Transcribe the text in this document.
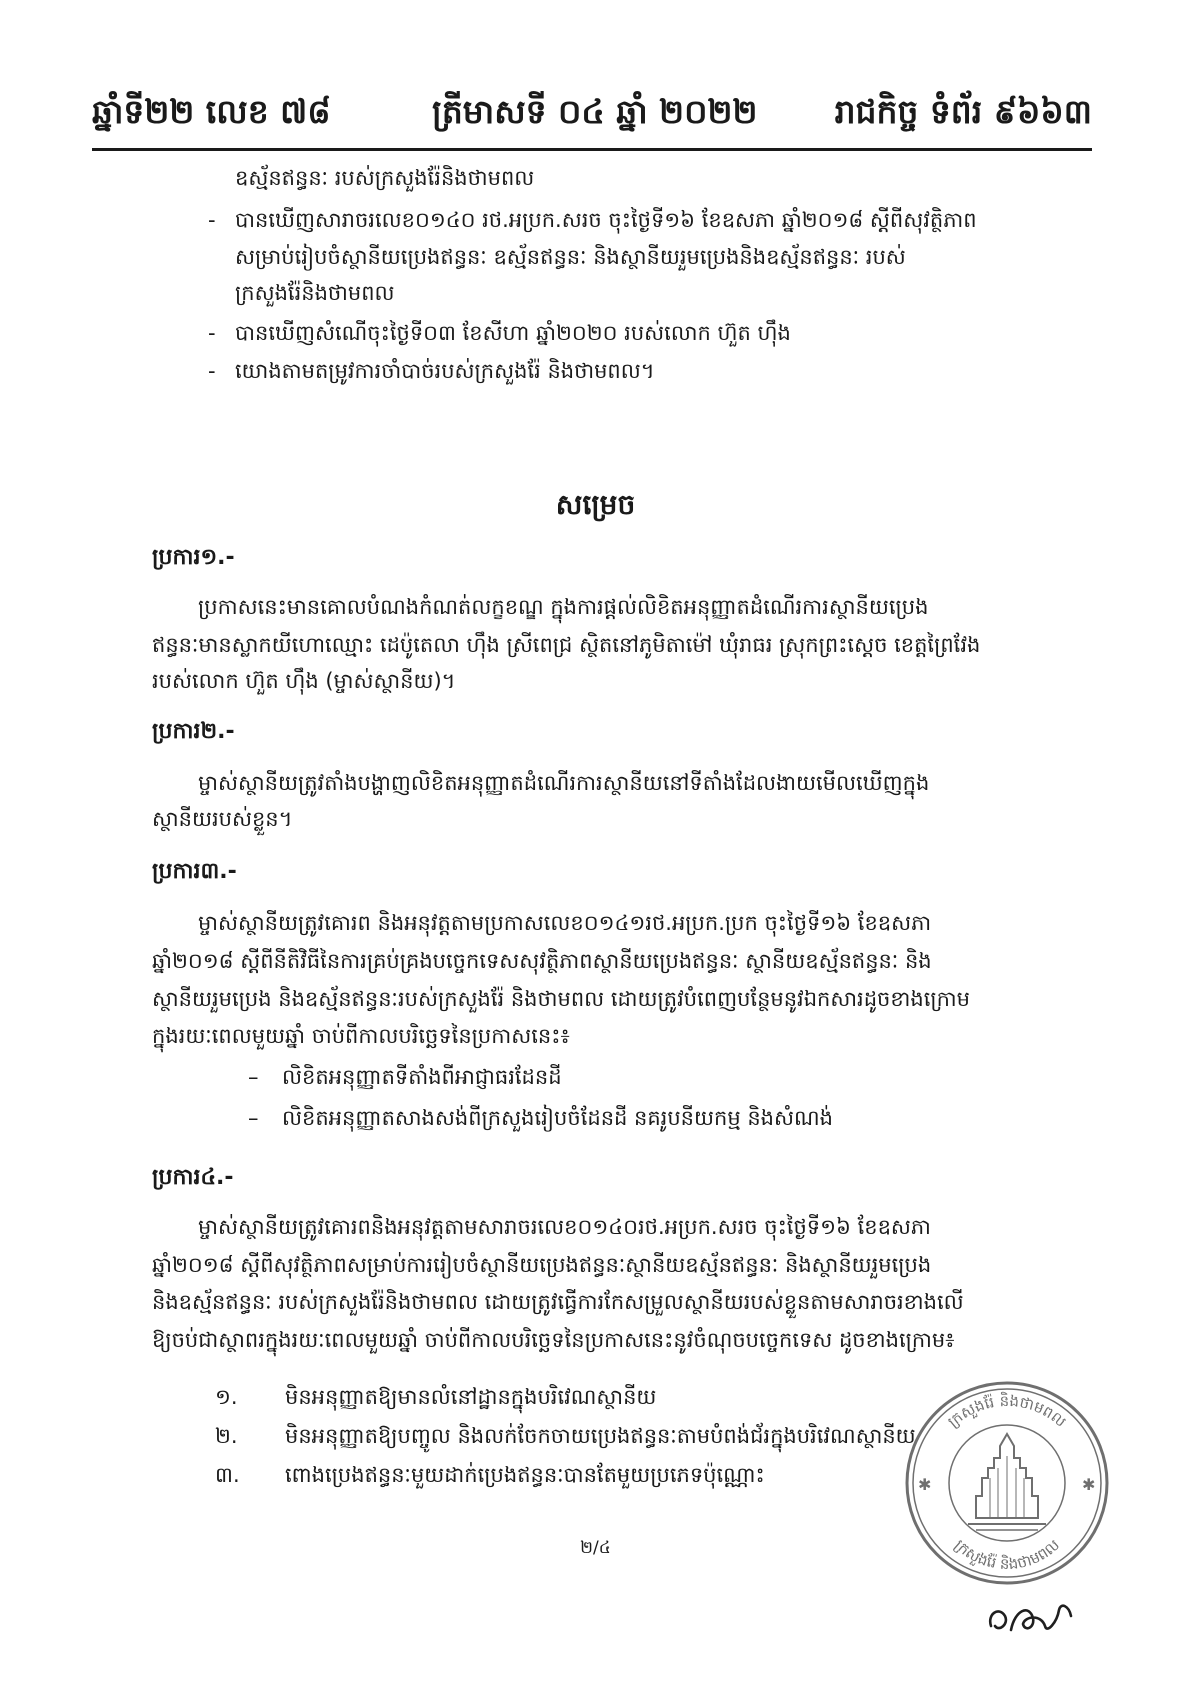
ឆ្នាំទី២២ លេខ ៧៨	ត្រីមាសទី ០៤ ឆ្នាំ ២០២២ រាជកិច្ច ទំព័រ ៩៦៦៣
ឧស្ម័នឥន្ធនៈ របស់ក្រសួងរ៉ែនិងថាមពល
- បានឃើញសារាចរលេខ០១៤០ រថ.អប្រក.សរច ចុះថ្ងៃទី១៦ ខែឧសភា ឆ្នាំ២០១៨ ស្តីពីសុវត្ថិភាព
សម្រាប់រៀបចំស្ថានីយប្រេងឥន្ធនៈ ឧស្ម័នឥន្ធនៈ និងស្ថានីយរួមប្រេងនិងឧស្ម័នឥន្ធនៈ របស់
ក្រសួងរ៉ែនិងថាមពល
- បានឃើញសំណើចុះថ្ងៃទី០៣ ខែសីហា ឆ្នាំ២០២០ របស់លោក ហ៊ួត ហ៊ឹង
- យោងតាមតម្រូវការចាំបាច់របស់ក្រសួងរ៉ែ និងថាមពល។
សម្រេច
ប្រការ១.-
ប្រកាសនេះមានគោលបំណងកំណត់លក្ខខណ្ឌ ក្នុងការផ្តល់លិខិតអនុញ្ញាតដំណើរការស្ថានីយប្រេង
ឥន្ធនៈមានស្លាកយីហោឈ្មោះ ដេប៉ូតេលា ហ៊ឹង ស្រីពេជ្រ ស្ថិតនៅភូមិតាម៉ៅ ឃុំរាធរ ស្រុកព្រះស្តេច ខេត្តព្រៃវែង
របស់លោក ហ៊ួត ហ៊ឹង (ម្ចាស់ស្ថានីយ)។
ប្រការ២.-
ម្ចាស់ស្ថានីយត្រូវតាំងបង្ហាញលិខិតអនុញ្ញាតដំណើរការស្ថានីយនៅទីតាំងដែលងាយមើលឃើញក្នុង
ស្ថានីយរបស់ខ្លួន។
ប្រការ៣.-
ម្ចាស់ស្ថានីយត្រូវគោរព និងអនុវត្តតាមប្រកាសលេខ០១៤១រថ.អប្រក.ប្រក ចុះថ្ងៃទី១៦ ខែឧសភា
ឆ្នាំ២០១៨ ស្តីពីនីតិវិធីនៃការគ្រប់គ្រងបច្ចេកទេសសុវត្ថិភាពស្ថានីយប្រេងឥន្ធនៈ ស្ថានីយឧស្ម័នឥន្ធនៈ និង
ស្ថានីយរួមប្រេង និងឧស្ម័នឥន្ធនៈរបស់ក្រសួងរ៉ែ និងថាមពល ដោយត្រូវបំពេញបន្ថែមនូវឯកសារដូចខាងក្រោម
ក្នុងរយៈពេលមួយឆ្នាំ ចាប់ពីកាលបរិច្ឆេទនៃប្រកាសនេះ៖
– លិខិតអនុញ្ញាតទីតាំងពីអាជ្ញាធរដែនដី
– លិខិតអនុញ្ញាតសាងសង់ពីក្រសួងរៀបចំដែនដី នគរូបនីយកម្ម និងសំណង់
ប្រការ៤.-
ម្ចាស់ស្ថានីយត្រូវគោរពនិងអនុវត្តតាមសារាចរលេខ០១៤០រថ.អប្រក.សរច ចុះថ្ងៃទី១៦ ខែឧសភា
ឆ្នាំ២០១៨ ស្តីពីសុវត្ថិភាពសម្រាប់ការរៀបចំស្ថានីយប្រេងឥន្ធនៈស្ថានីយឧស្ម័នឥន្ធនៈ និងស្ថានីយរួមប្រេង
និងឧស្ម័នឥន្ធនៈ របស់ក្រសួងរ៉ែនិងថាមពល ដោយត្រូវធ្វើការកែសម្រួលស្ថានីយរបស់ខ្លួនតាមសារាចរខាងលើ
ឱ្យចប់ជាស្ថាពរក្នុងរយៈពេលមួយឆ្នាំ ចាប់ពីកាលបរិច្ឆេទនៃប្រកាសនេះនូវចំណុចបច្ចេកទេស ដូចខាងក្រោម៖
១. មិនអនុញ្ញាតឱ្យមានលំនៅដ្ឋានក្នុងបរិវេណស្ថានីយ
២. មិនអនុញ្ញាតឱ្យបញ្ចូល និងលក់ចែកចាយប្រេងឥន្ធនៈតាមបំពង់ជ័រក្នុងបរិវេណស្ថានីយ
៣. ពោងប្រេងឥន្ធនៈមួយដាក់ប្រេងឥន្ធនៈបានតែមួយប្រភេទប៉ុណ្ណោះ
២/៤
ក្រសួងរ៉ែ និងថាមពល
ក្រសួងរ៉ែ និងថាមពល
✱	✱
